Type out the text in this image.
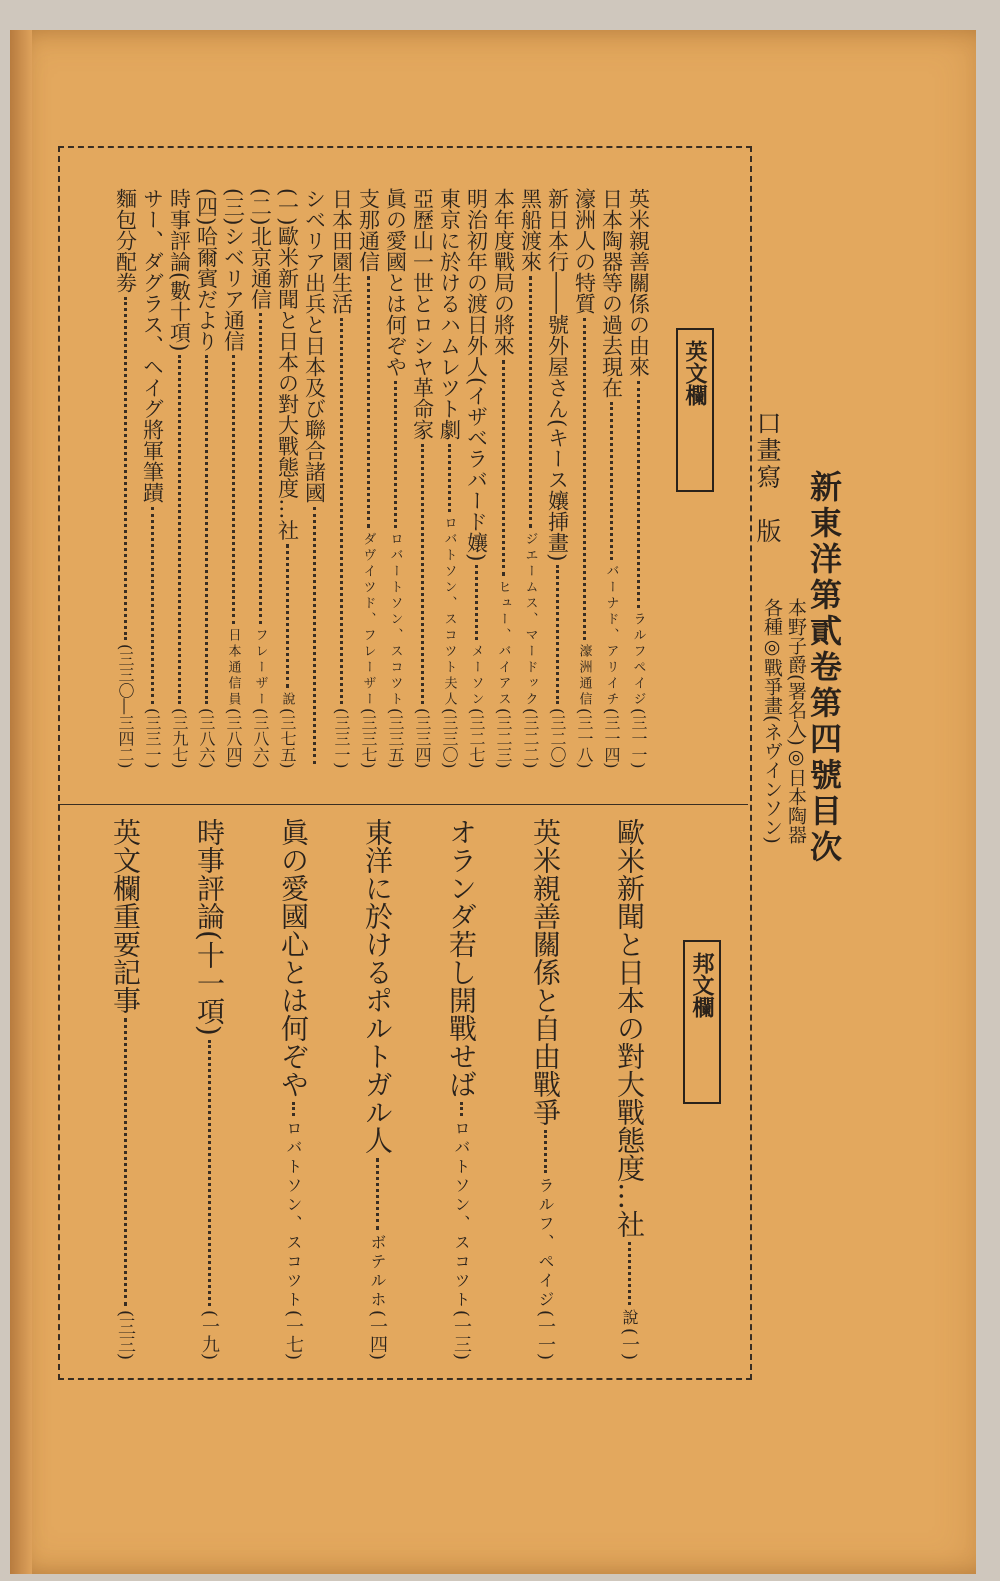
新東洋第貳卷第四號目次
口畫寫　版
本野子爵(署名入)◎日本陶器
各種◎戰爭畫(ネヴインソン)
英文欄
邦文欄
英米親善關係の由來
ラルフペイジ
(三一一)
日本陶器等の過去現在
バーナド、アリイチ
(三一四)
濠洲人の特質
濠洲通信
(三一八)
新日本行――號外屋さん(キース孃挿畫)
(三二〇)
黑船渡來
ジエームス、マードック
(三二二)
本年度戰局の將來
ヒュー、バイアス
(三二三)
明治初年の渡日外人(イザベラバード孃)
メーソン
(三二七)
東京に於けるハムレツト劇
ロバトソン、スコツト夫人
(三三〇)
亞歷山一世とロシヤ革命家
(三三四)
眞の愛國とは何ぞや
ロバートソン、スコツト
(三三五)
支那通信
ダヴイツド、フレーザー
(三三七)
日本田園生活
(三三一)
シベリア出兵と日本及び聯合諸國
(一)歐米新聞と日本の對大戰態度…社
說
(三七五)
(二)北京通信
フレーザー
(三八六)
(三)シベリア通信
日本通信員
(三八四)
(四)哈爾賓だより
(三八六)
時事評論(數十項)
(三九七)
サー、ダグラス、ヘイグ將軍筆蹟
(三三一)
麵包分配劵
(三三〇―三四二)
歐米新聞と日本の對大戰態度…社
說
(一)
英米親善關係と自由戰爭
ラルフ、ペイジ
(一一)
オランダ若し開戰せば
ロバトソン、スコツト
(一三)
東洋に於けるポルトガル人
ボテルホ
(一四)
眞の愛國心とは何ぞや
ロバトソン、スコツト
(一七)
時事評論(十一項)
(一九)
英文欄重要記事
(三三)
